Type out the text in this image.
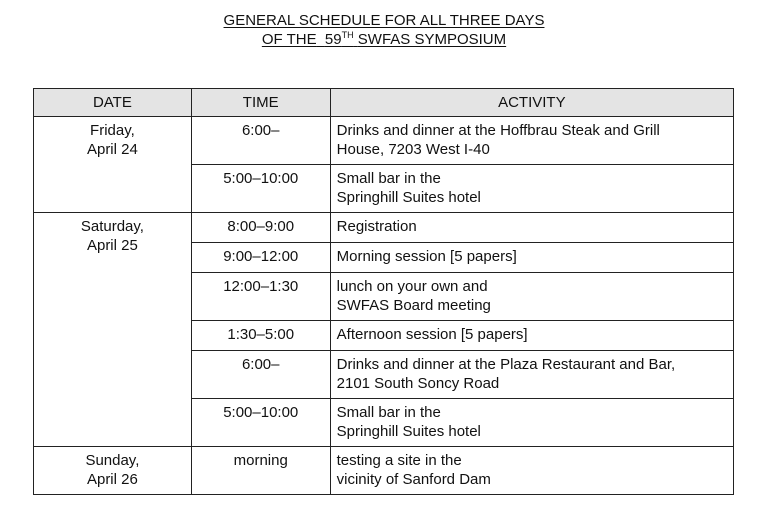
GENERAL SCHEDULE FOR ALL THREE DAYS
OF THE 59TH SWFAS SYMPOSIUM
DATE	TIME	ACTIVITY
Friday,
April 24	6:00–	Drinks and dinner at the Hoffbrau Steak and Grill
House, 7203 West I-40

	5:00–10:00	Small bar in the
Springhill Suites hotel

Saturday,
April 25	8:00–9:00	Registration

	9:00–12:00	Morning session [5 papers]

	12:00–1:30	lunch on your own and
SWFAS Board meeting

	1:30–5:00	Afternoon session [5 papers]

	6:00–	Drinks and dinner at the Plaza Restaurant and Bar,
2101 South Soncy Road

	5:00–10:00	Small bar in the
Springhill Suites hotel

Sunday,
April 26	morning	testing a site in the
vicinity of Sanford Dam
